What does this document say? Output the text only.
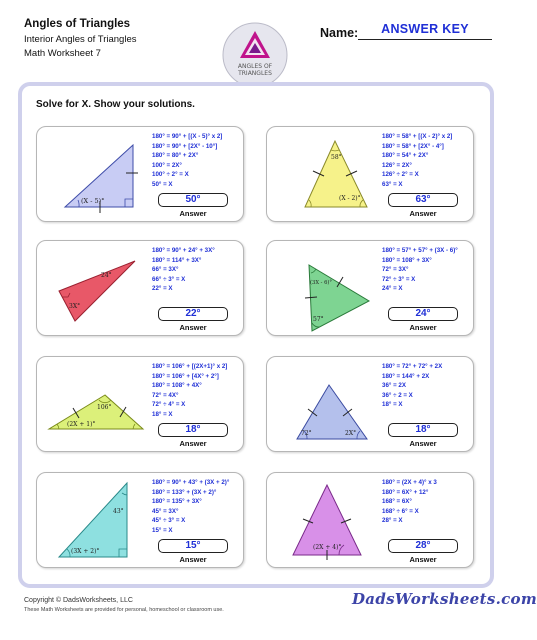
Angles of Triangles
Interior Angles of Triangles
Math Worksheet 7
ANGLES OF
TRIANGLES
Name:	ANSWER KEY
Solve for X. Show your solutions.
(X - 5)°
180° = 90° + [(X - 5)° x 2]
180° = 90° + [2X° - 10°]
180° = 80° + 2X°
100° = 2X°
100° ÷ 2° = X
50° = X
50°
Answer
58°
(X - 2)°
180° = 58° + [(X - 2)° x 2]
180° = 58° + [2X° - 4°]
180° = 54° + 2X°
126° = 2X°
126° ÷ 2° = X
63° = X
63°
Answer
24°
3X°
180° = 90° + 24° + 3X°
180° = 114° + 3X°
66° = 3X°
66° ÷ 3° = X
22° = X
22°
Answer
(3X - 6)°
57°
180° = 57° + 57° + (3X - 6)°
180° = 108° + 3X°
72° = 3X°
72° ÷ 3° = X
24° = X
24°
Answer
106°
(2X + 1)°
180° = 106° + [(2X+1)° x 2]
180° = 106° + [4X° + 2°]
180° = 108° + 4X°
72° = 4X°
72° ÷ 4° = X
18° = X
18°
Answer
72°	2X°
180° = 72° + 72° + 2X
180° = 144° + 2X
36° = 2X
36° ÷ 2 = X
18° = X
18°
Answer
43°
(3X + 2)°
180° = 90° + 43° + (3X + 2)°
180° = 133° + (3X + 2)°
180° = 135° + 3X°
45° = 3X°
45° ÷ 3° = X
15° = X
15°
Answer
(2X + 4)°
180° = (2X + 4)° x 3
180° = 6X° + 12°
168° = 6X°
168° ÷ 6° = X
28° = X
28°
Answer
Copyright © DadsWorksheets, LLC
These Math Worksheets are provided for personal, homeschool or classroom use.
DadsWorksheets.com
